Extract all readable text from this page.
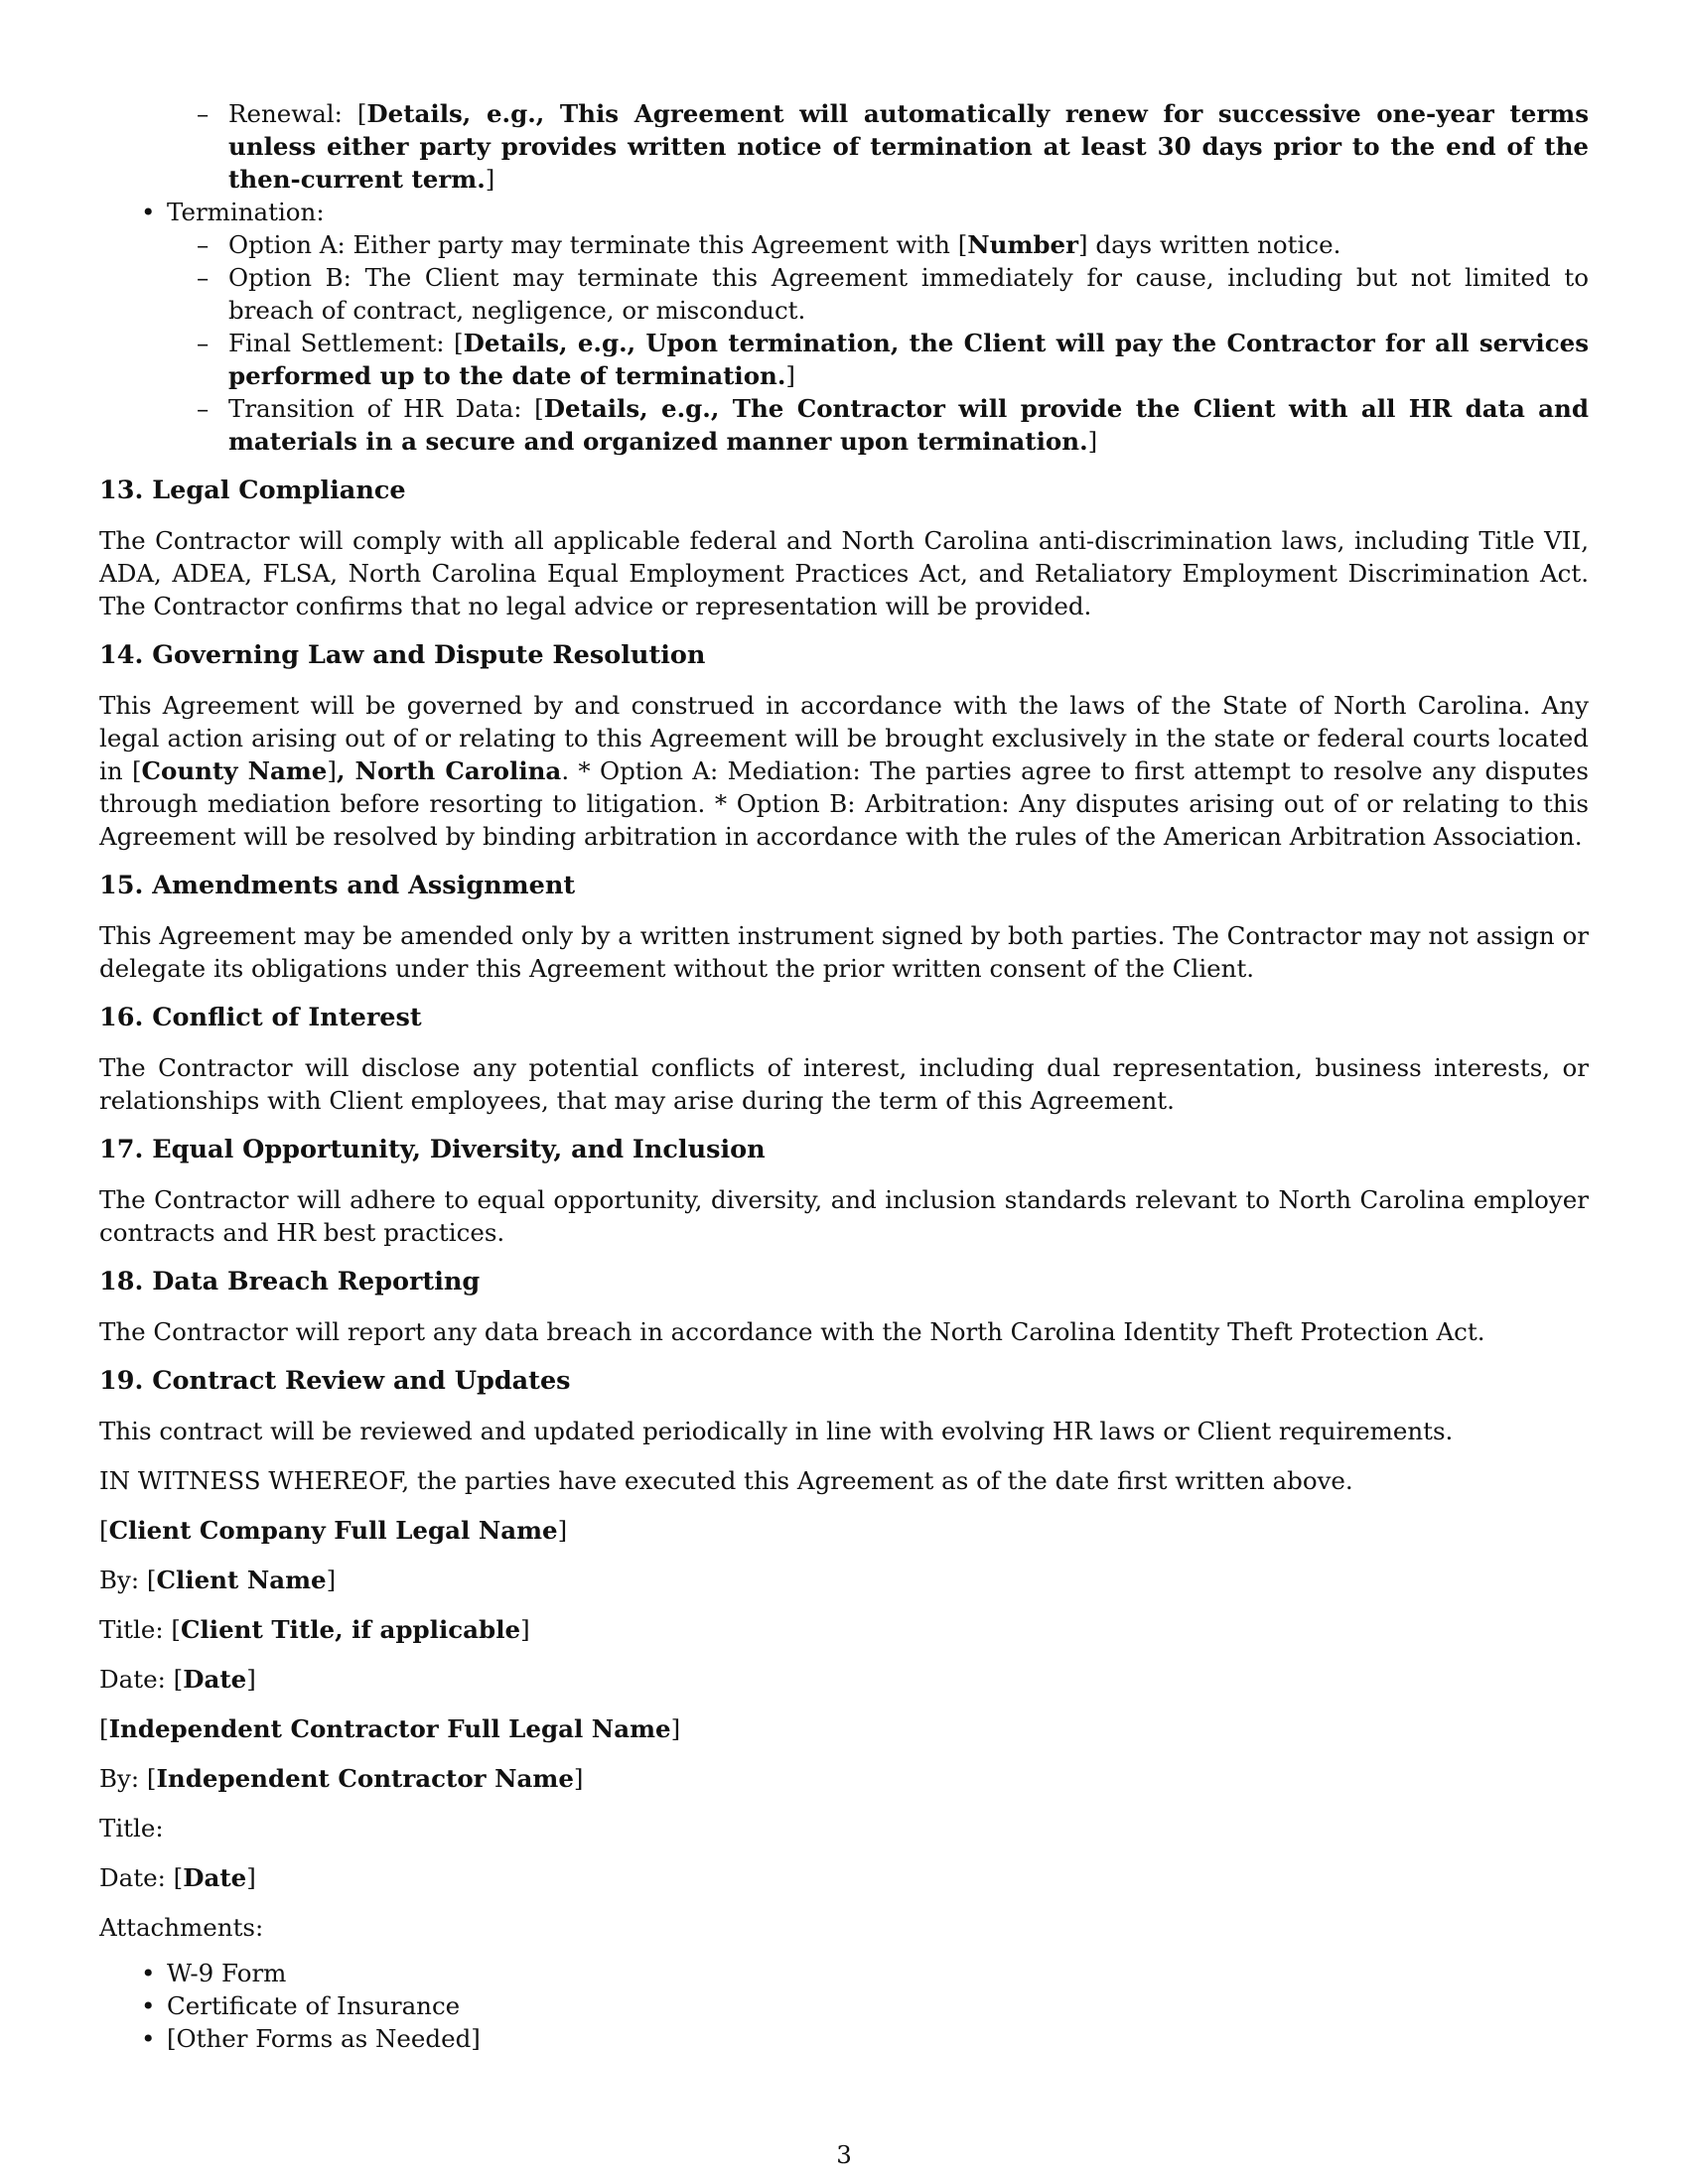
– Renewal: [Details, e.g., This Agreement will automatically renew for successive one-year terms unless either party provides written notice of termination at least 30 days prior to the end of the then-current term.]
• Termination:
– Option A: Either party may terminate this Agreement with [Number] days written notice.
– Option B: The Client may terminate this Agreement immediately for cause, including but not limited to breach of contract, negligence, or misconduct.
– Final Settlement: [Details, e.g., Upon termination, the Client will pay the Contractor for all services performed up to the date of termination.]
– Transition of HR Data: [Details, e.g., The Contractor will provide the Client with all HR data and materials in a secure and organized manner upon termination.]
13. Legal Compliance

The Contractor will comply with all applicable federal and North Carolina anti-discrimination laws, including Title VII, ADA, ADEA, FLSA, North Carolina Equal Employment Practices Act, and Retaliatory Employment Discrimination Act. The Contractor confirms that no legal advice or representation will be provided.

14. Governing Law and Dispute Resolution

This Agreement will be governed by and construed in accordance with the laws of the State of North Carolina. Any legal action arising out of or relating to this Agreement will be brought exclusively in the state or federal courts located in [County Name], North Carolina. * Option A: Mediation: The parties agree to first attempt to resolve any disputes through mediation before resorting to litigation. * Option B: Arbitration: Any disputes arising out of or relating to this Agreement will be resolved by binding arbitration in accordance with the rules of the American Arbitration Association.

15. Amendments and Assignment

This Agreement may be amended only by a written instrument signed by both parties. The Contractor may not assign or delegate its obligations under this Agreement without the prior written consent of the Client.

16. Conflict of Interest

The Contractor will disclose any potential conflicts of interest, including dual representation, business interests, or relationships with Client employees, that may arise during the term of this Agreement.

17. Equal Opportunity, Diversity, and Inclusion

The Contractor will adhere to equal opportunity, diversity, and inclusion standards relevant to North Carolina employer contracts and HR best practices.

18. Data Breach Reporting

The Contractor will report any data breach in accordance with the North Carolina Identity Theft Protection Act.

19. Contract Review and Updates

This contract will be reviewed and updated periodically in line with evolving HR laws or Client requirements.

IN WITNESS WHEREOF, the parties have executed this Agreement as of the date first written above.

[Client Company Full Legal Name]
By: [Client Name]
Title: [Client Title, if applicable]
Date: [Date]
[Independent Contractor Full Legal Name]
By: [Independent Contractor Name]
Title:
Date: [Date]
Attachments:
• W-9 Form
• Certificate of Insurance
• [Other Forms as Needed]
3
